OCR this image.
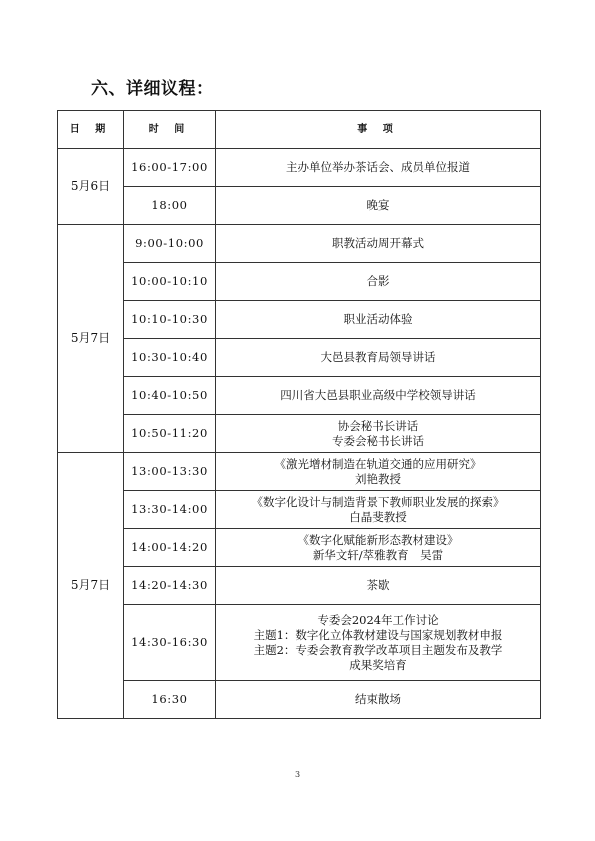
六、详细议程：
日 期	时 间	事 项
5月6日	16:00-17:00	主办单位举办茶话会、成员单位报道

	18:00	晚宴

5月7日	9:00-10:00	职教活动周开幕式

	10:00-10:10	合影

	10:10-10:30	职业活动体验

	10:30-10:40	大邑县教育局领导讲话

	10:40-10:50	四川省大邑县职业高级中学校领导讲话

	10:50-11:20	协会秘书长讲话
专委会秘书长讲话

5月7日	13:00-13:30	《激光增材制造在轨道交通的应用研究》
刘艳教授

	13:30-14:00	《数字化设计与制造背景下教师职业发展的探索》
白晶斐教授

	14:00-14:20	《数字化赋能新形态教材建设》
新华文轩/萃雅教育　吴雷

	14:20-14:30	茶歇

	14:30-16:30	专委会2024年工作讨论
主题1：数字化立体教材建设与国家规划教材申报
主题2：专委会教育教学改革项目主题发布及教学
成果奖培育

	16:30	结束散场
3
